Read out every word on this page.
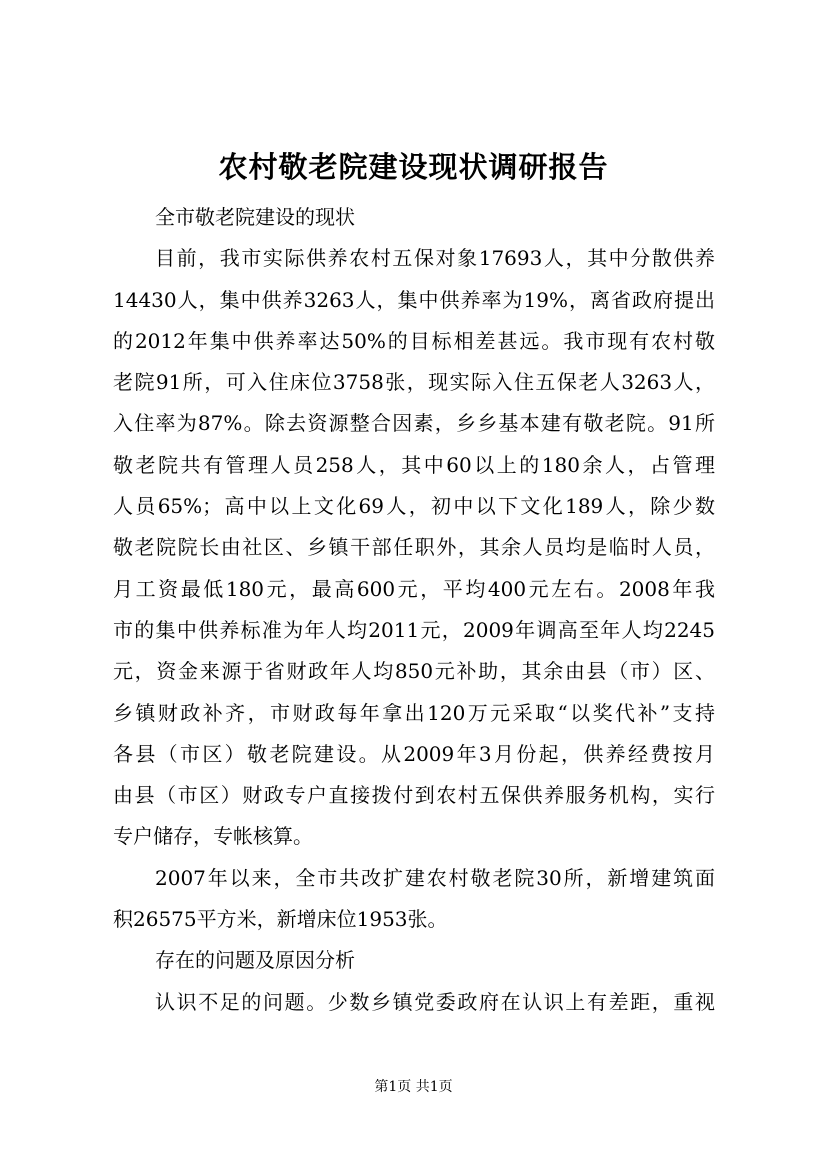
农村敬老院建设现状调研报告
全市敬老院建设的现状
目前，我市实际供养农村五保对象17693人，其中分散供养
14430人，集中供养3263人，集中供养率为19%，离省政府提出
的2012年集中供养率达50%的目标相差甚远。我市现有农村敬
老院91所，可入住床位3758张，现实际入住五保老人3263人，
入住率为87%。除去资源整合因素，乡乡基本建有敬老院。91所
敬老院共有管理人员258人，其中60以上的180余人，占管理
人员65%；高中以上文化69人，初中以下文化189人，除少数
敬老院院长由社区、乡镇干部任职外，其余人员均是临时人员，
月工资最低180元，最高600元，平均400元左右。2008年我
市的集中供养标准为年人均2011元，2009年调高至年人均2245
元，资金来源于省财政年人均850元补助，其余由县（市）区、
乡镇财政补齐，市财政每年拿出120万元采取“以奖代补”支持
各县（市区）敬老院建设。从2009年3月份起，供养经费按月
由县（市区）财政专户直接拨付到农村五保供养服务机构，实行
专户储存，专帐核算。
2007年以来，全市共改扩建农村敬老院30所，新增建筑面
积26575平方米，新增床位1953张。
存在的问题及原因分析
认识不足的问题。少数乡镇党委政府在认识上有差距，重视
第1页 共1页
